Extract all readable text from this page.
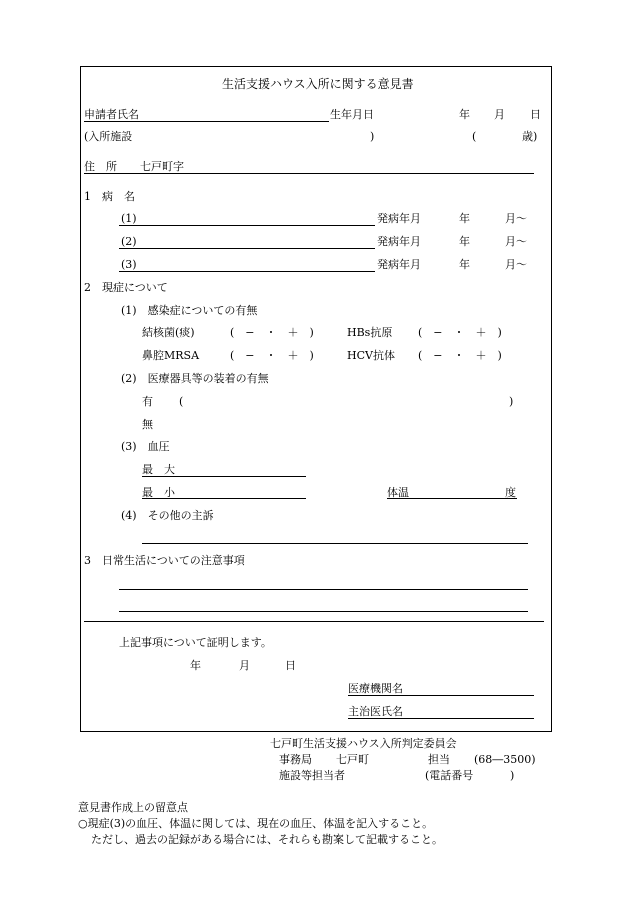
生活支援ハウス入所に関する意見書
申請者氏名	生年月日	年 月 日
(入所施設	)	(	歳)
住　所 七戸町字
1　病　名
(1)	発病年月	年	月〜
(2)	発病年月	年	月〜
(3)	発病年月	年	月〜
2　現症について
(1)　感染症についての有無
結核菌(痰)	(　−　・　＋　)	HBs抗原 (　−　・　＋　)
鼻腔MRSA	(　−　・　＋　)	HCV抗体 (　−　・　＋　)
(2)　医療器具等の装着の有無
有 (	)
無
(3)　血圧
最　大
最　小	体温	度
(4)　その他の主訴
3　日常生活についての注意事項
上記事項について証明します。
年	月	日
医療機関名
主治医氏名
七戸町生活支援ハウス入所判定委員会
事務局 七戸町	担当 (68―3500)
施設等担当者	(電話番号	)
意見書作成上の留意点
○現症(3)の血圧、体温に関しては、現在の血圧、体温を記入すること。
ただし、過去の記録がある場合には、それらも勘案して記載すること。
